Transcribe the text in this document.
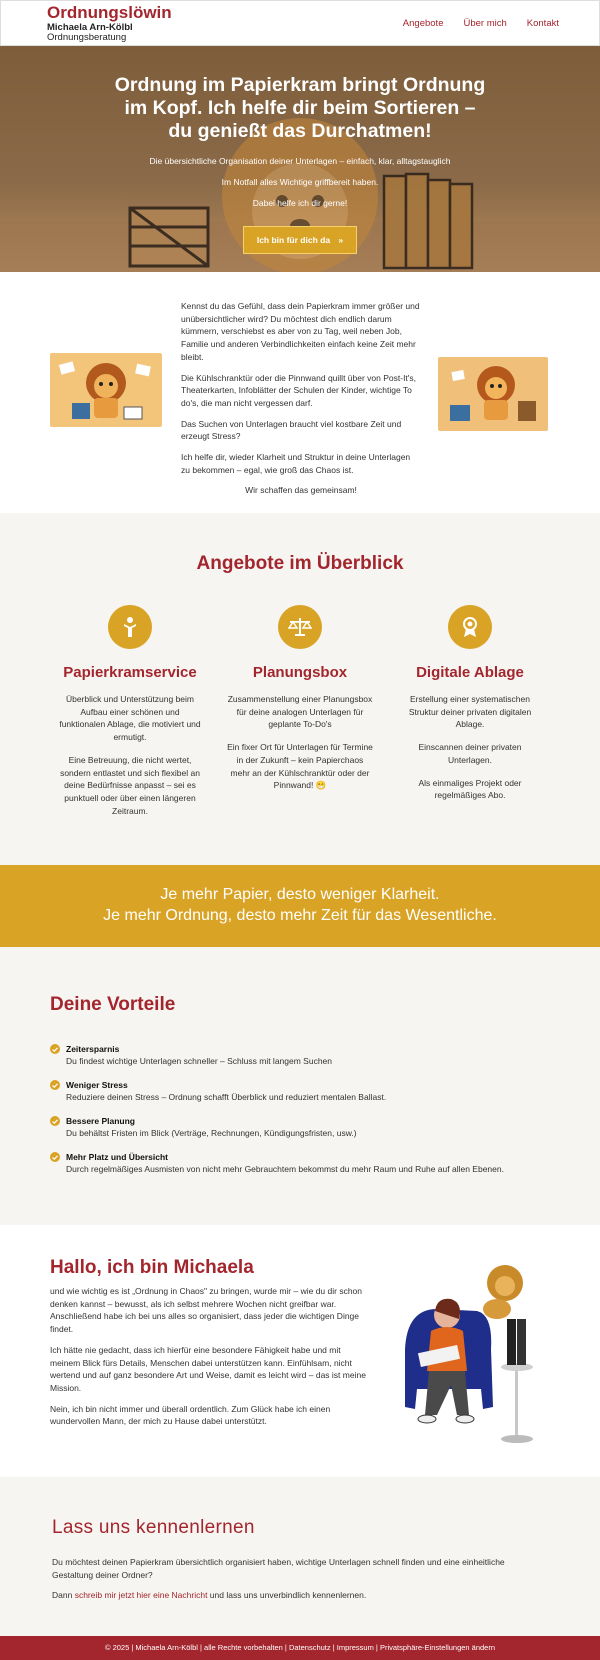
Ordnungslöwin
Michaela Arn-Kölbl
Ordnungsberatung
Angebote Über mich Kontakt
Ordnung im Papierkram bringt Ordnung im Kopf. Ich helfe dir beim Sortieren – du genießt das Durchatmen!

Die übersichtliche Organisation deiner Unterlagen – einfach, klar, alltagstauglich

Im Notfall alles Wichtige griffbereit haben.

Dabei helfe ich dir gerne!

Ich bin für dich da »

Kennst du das Gefühl, dass dein Papierkram immer größer und unübersichtlicher wird? Du möchtest dich endlich darum kümmern, verschiebst es aber von zu Tag, weil neben Job, Familie und anderen Verbindlichkeiten einfach keine Zeit mehr bleibt.

Die Kühlschranktür oder die Pinnwand quillt über von Post-It's, Theaterkarten, Infoblätter der Schulen der Kinder, wichtige To do's, die man nicht vergessen darf.

Das Suchen von Unterlagen braucht viel kostbare Zeit und erzeugt Stress?

Ich helfe dir, wieder Klarheit und Struktur in deine Unterlagen zu bekommen – egal, wie groß das Chaos ist.

Wir schaffen das gemeinsam!

Angebote im Überblick
Papierkramservice

Überblick und Unterstützung beim Aufbau einer schönen und funktionalen Ablage, die motiviert und ermutigt.

Eine Betreuung, die nicht wertet, sondern entlastet und sich flexibel an deine Bedürfnisse anpasst – sei es punktuell oder über einen längeren Zeitraum.

Planungsbox

Zusammenstellung einer Planungsbox für deine analogen Unterlagen für geplante To-Do's

Ein fixer Ort für Unterlagen für Termine in der Zukunft – kein Papierchaos mehr an der Kühlschranktür oder der Pinnwand! 😁

Digitale Ablage

Erstellung einer systematischen Struktur deiner privaten digitalen Ablage.

Einscannen deiner privaten Unterlagen.

Als einmaliges Projekt oder regelmäßiges Abo.

Je mehr Papier, desto weniger Klarheit.
Je mehr Ordnung, desto mehr Zeit für das Wesentliche.
Deine Vorteile
Zeitersparnis
Du findest wichtige Unterlagen schneller – Schluss mit langem Suchen
Weniger Stress
Reduziere deinen Stress – Ordnung schafft Überblick und reduziert mentalen Ballast.
Bessere Planung
Du behältst Fristen im Blick (Verträge, Rechnungen, Kündigungsfristen, usw.)
Mehr Platz und Übersicht
Durch regelmäßiges Ausmisten von nicht mehr Gebrauchtem bekommst du mehr Raum und Ruhe auf allen Ebenen.
Hallo, ich bin Michaela

und wie wichtig es ist „Ordnung in Chaos" zu bringen, wurde mir – wie du dir schon denken kannst – bewusst, als ich selbst mehrere Wochen nicht greifbar war. Anschließend habe ich bei uns alles so organisiert, dass jeder die wichtigen Dinge findet.

Ich hätte nie gedacht, dass ich hierfür eine besondere Fähigkeit habe und mit meinem Blick fürs Details, Menschen dabei unterstützen kann. Einfühlsam, nicht wertend und auf ganz besondere Art und Weise, damit es leicht wird – das ist meine Mission.

Nein, ich bin nicht immer und überall ordentlich. Zum Glück habe ich einen wundervollen Mann, der mich zu Hause dabei unterstützt.

Lass uns kennenlernen

Du möchtest deinen Papierkram übersichtlich organisiert haben, wichtige Unterlagen schnell finden und eine einheitliche Gestaltung deiner Ordner?

Dann schreib mir jetzt hier eine Nachricht und lass uns unverbindlich kennenlernen.

© 2025 | Michaela Arn-Kölbl | alle Rechte vorbehalten | Datenschutz | Impressum | Privatsphäre-Einstellungen ändern
